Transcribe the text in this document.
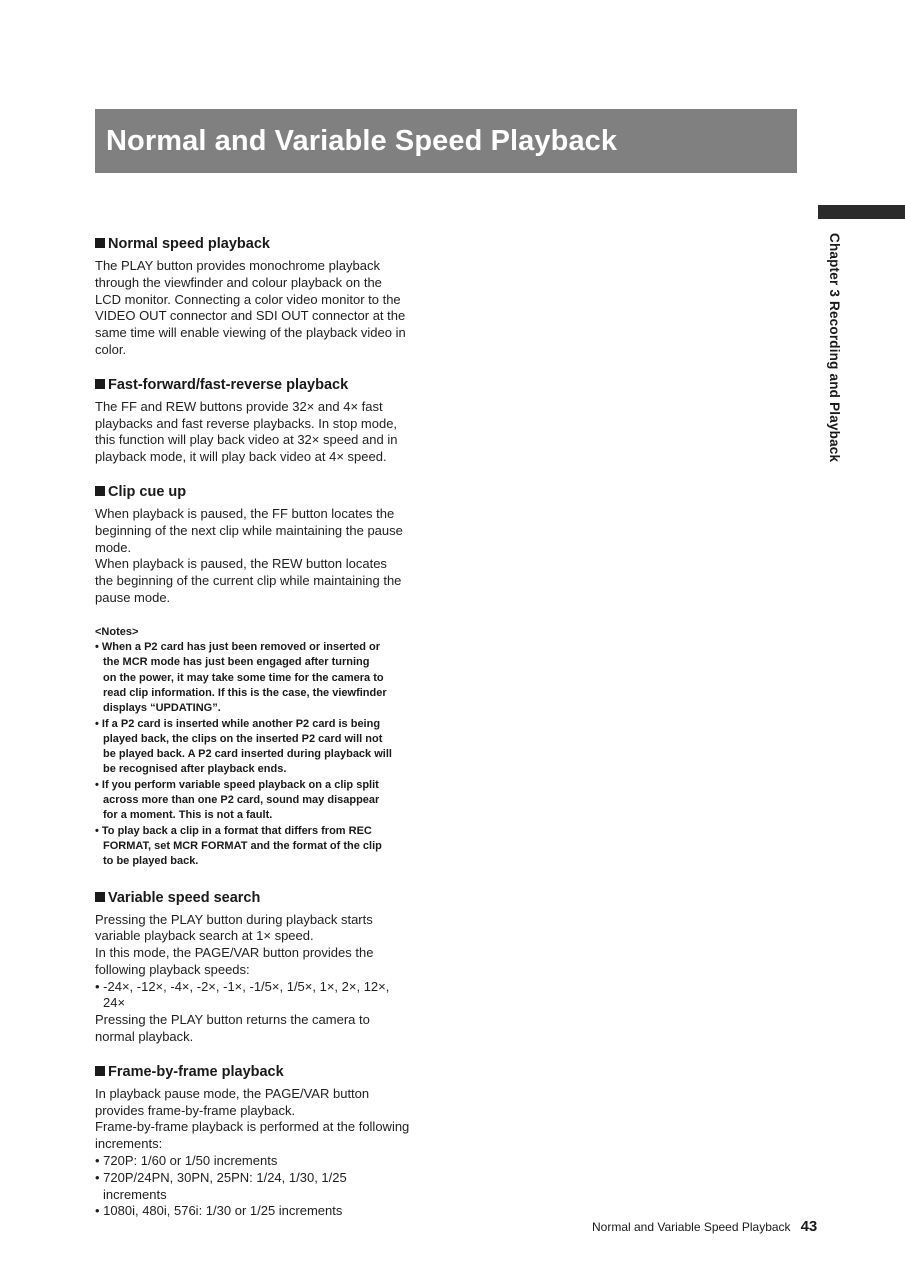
Normal and Variable Speed Playback
Chapter 3 Recording and Playback
Normal speed playback

The PLAY button provides monochrome playback

through the viewfinder and colour playback on the

LCD monitor. Connecting a color video monitor to the

VIDEO OUT connector and SDI OUT connector at the

same time will enable viewing of the playback video in

color.

Fast-forward/fast-reverse playback

The FF and REW buttons provide 32× and 4× fast

playbacks and fast reverse playbacks. In stop mode,

this function will play back video at 32× speed and in

playback mode, it will play back video at 4× speed.

Clip cue up

When playback is paused, the FF button locates the

beginning of the next clip while maintaining the pause

mode.

When playback is paused, the REW button locates

the beginning of the current clip while maintaining the

pause mode.

<Notes>

• When a P2 card has just been removed or inserted or

the MCR mode has just been engaged after turning

on the power, it may take some time for the camera to

read clip information. If this is the case, the viewfinder

displays “UPDATING”.

• If a P2 card is inserted while another P2 card is being

played back, the clips on the inserted P2 card will not

be played back. A P2 card inserted during playback will

be recognised after playback ends.

• If you perform variable speed playback on a clip split

across more than one P2 card, sound may disappear

for a moment. This is not a fault.

• To play back a clip in a format that differs from REC

FORMAT, set MCR FORMAT and the format of the clip

to be played back.

Variable speed search

Pressing the PLAY button during playback starts

variable playback search at 1× speed.

In this mode, the PAGE/VAR button provides the

following playback speeds:

• -24×, -12×, -4×, -2×, -1×, -1/5×, 1/5×, 1×, 2×, 12×,

24×

Pressing the PLAY button returns the camera to

normal playback.

Frame-by-frame playback

In playback pause mode, the PAGE/VAR button

provides frame-by-frame playback.

Frame-by-frame playback is performed at the following

increments:

• 720P: 1/60 or 1/50 increments

• 720P/24PN, 30PN, 25PN: 1/24, 1/30, 1/25

increments

• 1080i, 480i, 576i: 1/30 or 1/25 increments

Normal and Variable Speed Playback 43
